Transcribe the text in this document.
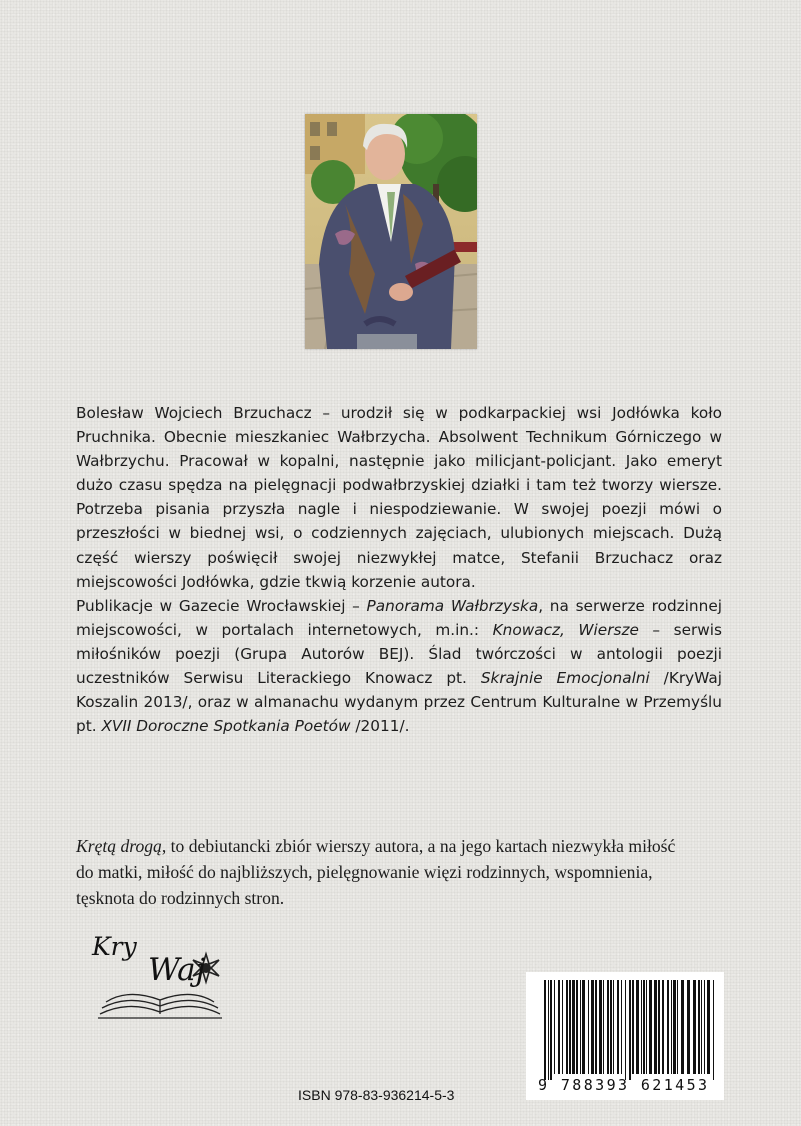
Bolesław Wojciech Brzuchacz – urodził się w podkarpackiej wsi Jodłówka koło Pruchnika. Obecnie mieszkaniec Wałbrzycha. Absolwent Technikum Górniczego w Wałbrzychu. Pracował w kopalni, następnie jako milicjant-policjant. Jako emeryt dużo czasu spędza na pielęgnacji podwałbrzyskiej działki i tam też tworzy wiersze. Potrzeba pisania przyszła nagle i niespodziewanie. W swojej poezji mówi o przeszłości w biednej wsi, o codziennych zajęciach, ulubionych miejscach. Dużą część wierszy poświęcił swojej niezwykłej matce, Stefanii Brzuchacz oraz miejscowości Jodłówka, gdzie tkwią korzenie autora.

Publikacje w Gazecie Wrocławskiej – Panorama Wałbrzyska, na serwerze rodzinnej miejscowości, w portalach internetowych, m.in.: Knowacz, Wiersze – serwis miłośników poezji (Grupa Autorów BEJ). Ślad twórczości w antologii poezji uczestników Serwisu Literackiego Knowacz pt. Skrajnie Emocjonalni /KryWaj Koszalin 2013/, oraz w almanachu wydanym przez Centrum Kulturalne w Przemyślu pt. XVII Doroczne Spotkania Poetów /2011/.

Krętą drogą, to debiutancki zbiór wierszy autora, a na jego kartach niezwykła miłość do matki, miłość do najbliższych, pielęgnowanie więzi rodzinnych, wspomnienia, tęsknota do rodzinnych stron.
Kry
Waj
ISBN 978-83-936214-5-3
9 788393 621453
